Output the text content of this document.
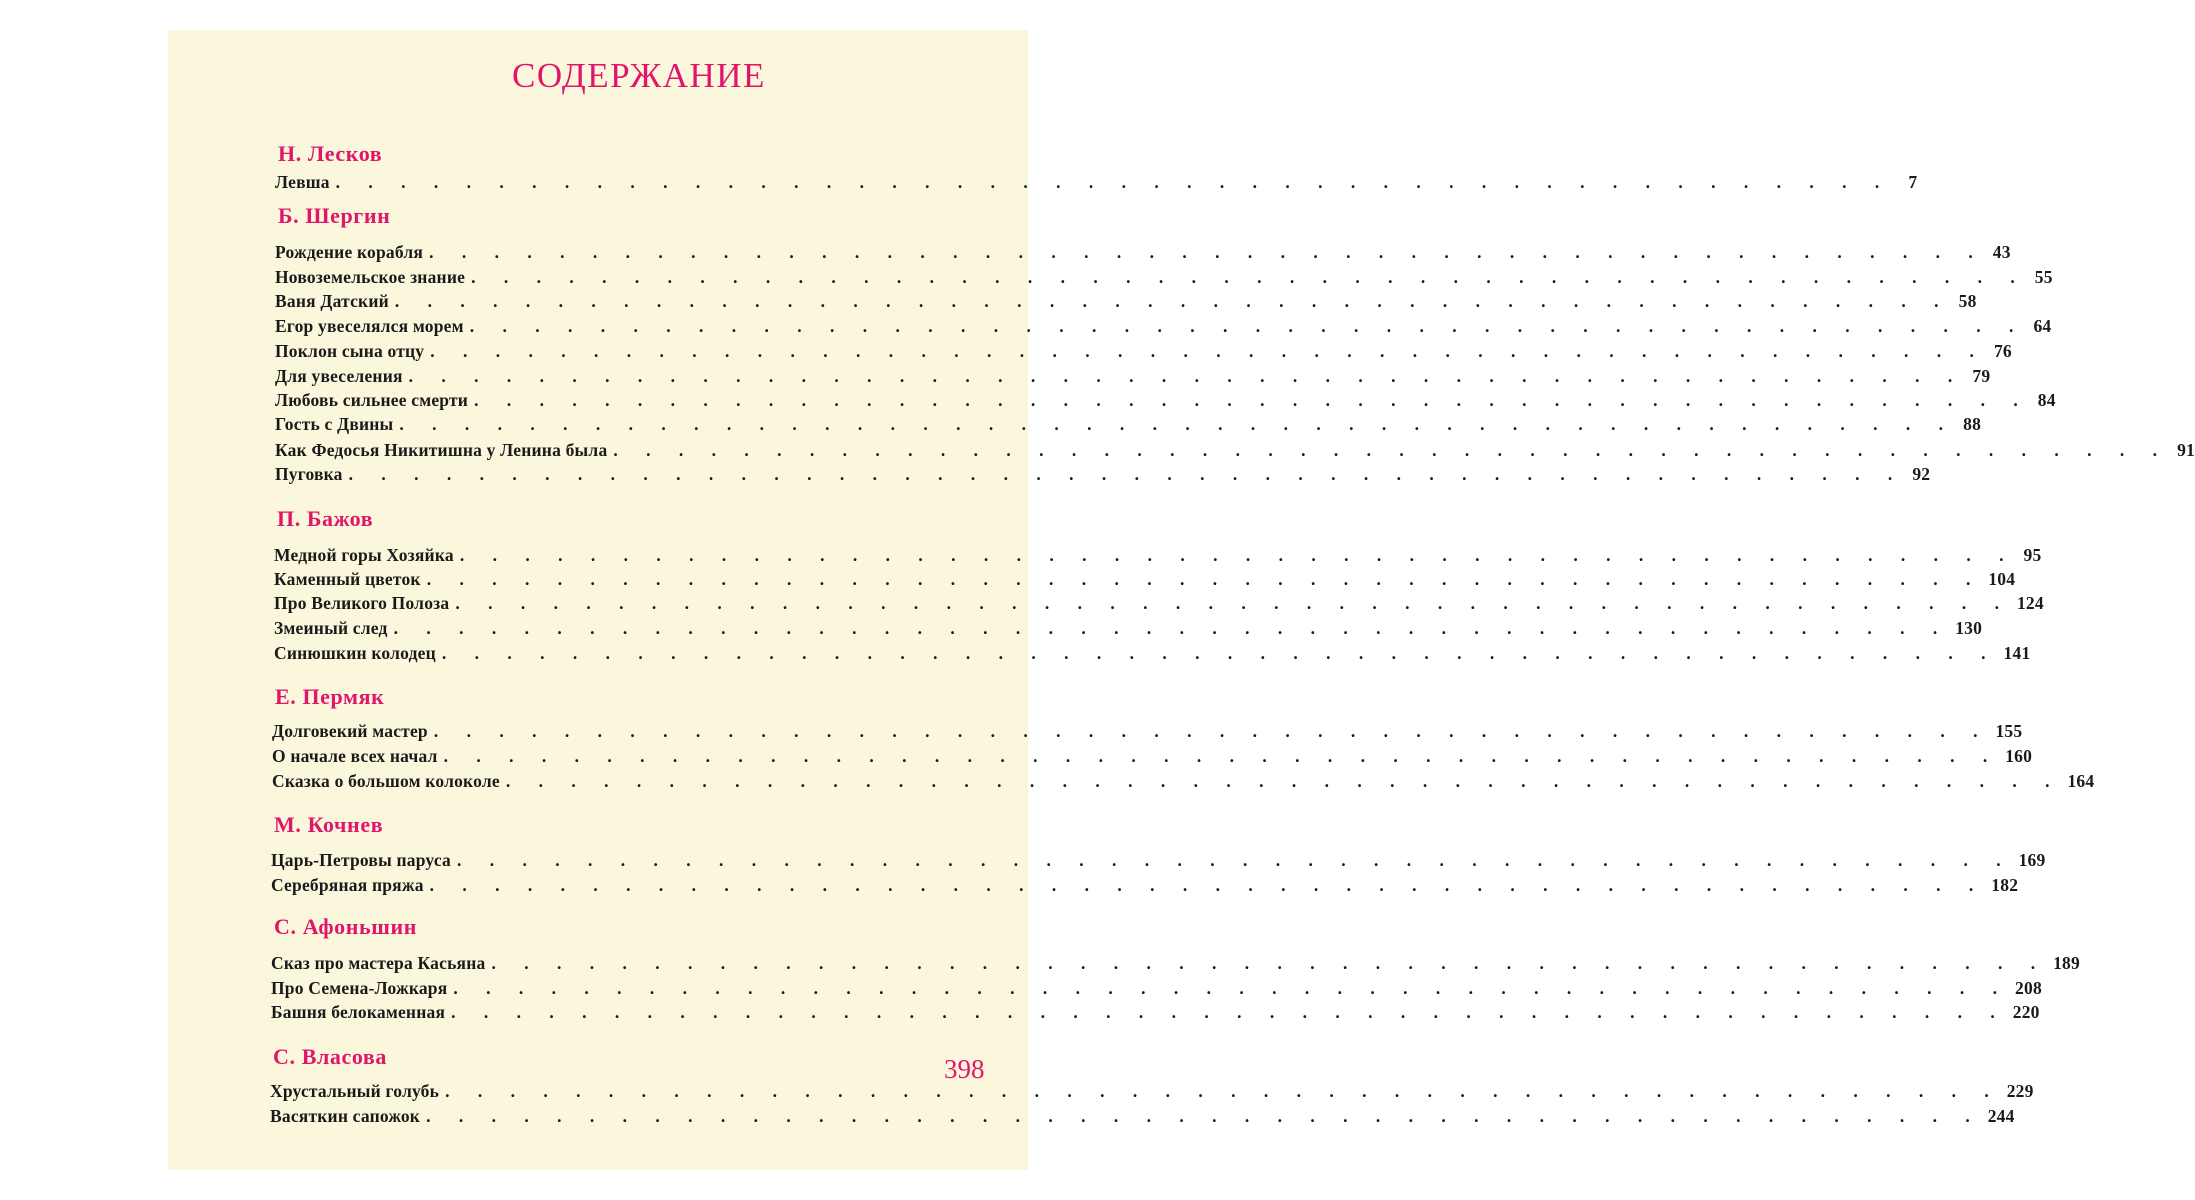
СОДЕРЖАНИЕ
Н. Лесков
Левша . . . . . . . . . . . . . . . . . . . . . . . . . . . . . . . . . . . . . . . . . . . . . . . . 7
Б. Шергин
Рождение корабля . . . . . . . . . . . . . . . . . . . . . . . . . . . . . . . . . . . . . . . . . . . . . . . . 43
Новоземельское знание . . . . . . . . . . . . . . . . . . . . . . . . . . . . . . . . . . . . . . . . . . . . . . . . 55
Ваня Датский . . . . . . . . . . . . . . . . . . . . . . . . . . . . . . . . . . . . . . . . . . . . . . . . 58
Егор увеселялся морем . . . . . . . . . . . . . . . . . . . . . . . . . . . . . . . . . . . . . . . . . . . . . . . . 64
Поклон сына отцу . . . . . . . . . . . . . . . . . . . . . . . . . . . . . . . . . . . . . . . . . . . . . . . . 76
Для увеселения . . . . . . . . . . . . . . . . . . . . . . . . . . . . . . . . . . . . . . . . . . . . . . . . 79
Любовь сильнее смерти . . . . . . . . . . . . . . . . . . . . . . . . . . . . . . . . . . . . . . . . . . . . . . . . 84
Гость с Двины . . . . . . . . . . . . . . . . . . . . . . . . . . . . . . . . . . . . . . . . . . . . . . . . 88
Как Федосья Никитишна у Ленина была . . . . . . . . . . . . . . . . . . . . . . . . . . . . . . . . . . . . . . . . . . . . . . . . 91
Пуговка . . . . . . . . . . . . . . . . . . . . . . . . . . . . . . . . . . . . . . . . . . . . . . . . 92
П. Бажов
Медной горы Хозяйка . . . . . . . . . . . . . . . . . . . . . . . . . . . . . . . . . . . . . . . . . . . . . . . . 95
Каменный цветок . . . . . . . . . . . . . . . . . . . . . . . . . . . . . . . . . . . . . . . . . . . . . . . . 104
Про Великого Полоза . . . . . . . . . . . . . . . . . . . . . . . . . . . . . . . . . . . . . . . . . . . . . . . . 124
Змеиный след . . . . . . . . . . . . . . . . . . . . . . . . . . . . . . . . . . . . . . . . . . . . . . . . 130
Синюшкин колодец . . . . . . . . . . . . . . . . . . . . . . . . . . . . . . . . . . . . . . . . . . . . . . . . 141
Е. Пермяк
Долговекий мастер . . . . . . . . . . . . . . . . . . . . . . . . . . . . . . . . . . . . . . . . . . . . . . . . 155
О начале всех начал . . . . . . . . . . . . . . . . . . . . . . . . . . . . . . . . . . . . . . . . . . . . . . . . 160
Сказка о большом колоколе . . . . . . . . . . . . . . . . . . . . . . . . . . . . . . . . . . . . . . . . . . . . . . . . 164
М. Кочнев
Царь-Петровы паруса . . . . . . . . . . . . . . . . . . . . . . . . . . . . . . . . . . . . . . . . . . . . . . . . 169
Серебряная пряжа . . . . . . . . . . . . . . . . . . . . . . . . . . . . . . . . . . . . . . . . . . . . . . . . 182
С. Афоньшин
Сказ про мастера Касьяна . . . . . . . . . . . . . . . . . . . . . . . . . . . . . . . . . . . . . . . . . . . . . . . . 189
Про Семена-Ложкаря . . . . . . . . . . . . . . . . . . . . . . . . . . . . . . . . . . . . . . . . . . . . . . . . 208
Башня белокаменная . . . . . . . . . . . . . . . . . . . . . . . . . . . . . . . . . . . . . . . . . . . . . . . . 220
С. Власова
Хрустальный голубь . . . . . . . . . . . . . . . . . . . . . . . . . . . . . . . . . . . . . . . . . . . . . . . . 229
Васяткин сапожок . . . . . . . . . . . . . . . . . . . . . . . . . . . . . . . . . . . . . . . . . . . . . . . . 244
398
